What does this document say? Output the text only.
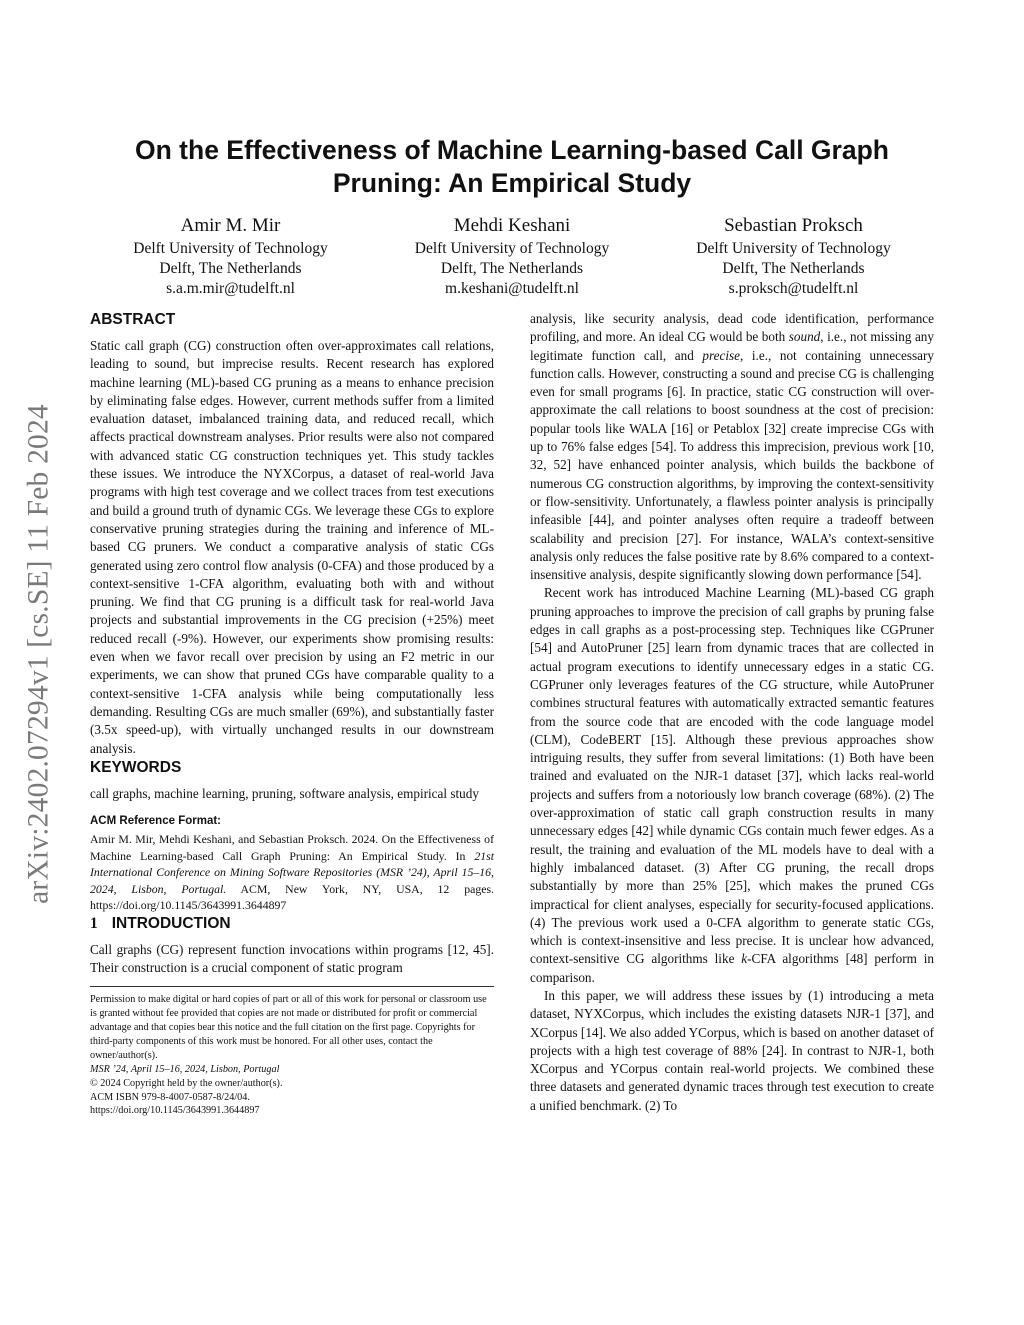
arXiv:2402.07294v1 [cs.SE] 11 Feb 2024
On the Effectiveness of Machine Learning-based Call Graph Pruning: An Empirical Study
Amir M. Mir
Delft University of Technology
Delft, The Netherlands
s.a.m.mir@tudelft.nl
Mehdi Keshani
Delft University of Technology
Delft, The Netherlands
m.keshani@tudelft.nl
Sebastian Proksch
Delft University of Technology
Delft, The Netherlands
s.proksch@tudelft.nl
ABSTRACT

Static call graph (CG) construction often over-approximates call relations, leading to sound, but imprecise results. Recent research has explored machine learning (ML)-based CG pruning as a means to enhance precision by eliminating false edges. However, current methods suffer from a limited evaluation dataset, imbalanced training data, and reduced recall, which affects practical downstream analyses. Prior results were also not compared with advanced static CG construction techniques yet. This study tackles these issues. We introduce the NYXCorpus, a dataset of real-world Java programs with high test coverage and we collect traces from test executions and build a ground truth of dynamic CGs. We leverage these CGs to explore conservative pruning strategies during the training and inference of ML-based CG pruners. We conduct a comparative analysis of static CGs generated using zero control flow analysis (0-CFA) and those produced by a context-sensitive 1-CFA algorithm, evaluating both with and without pruning. We find that CG pruning is a difficult task for real-world Java projects and substantial improvements in the CG precision (+25%) meet reduced recall (-9%). However, our experiments show promising results: even when we favor recall over precision by using an F2 metric in our experiments, we can show that pruned CGs have comparable quality to a context-sensitive 1-CFA analysis while being computationally less demanding. Resulting CGs are much smaller (69%), and substantially faster (3.5x speed-up), with virtually unchanged results in our downstream analysis.

KEYWORDS

call graphs, machine learning, pruning, software analysis, empirical study

ACM Reference Format:

Amir M. Mir, Mehdi Keshani, and Sebastian Proksch. 2024. On the Effectiveness of Machine Learning-based Call Graph Pruning: An Empirical Study. In 21st International Conference on Mining Software Repositories (MSR ’24), April 15–16, 2024, Lisbon, Portugal. ACM, New York, NY, USA, 12 pages. https://doi.org/10.1145/3643991.3644897

1 INTRODUCTION

Call graphs (CG) represent function invocations within programs [12, 45]. Their construction is a crucial component of static program

Permission to make digital or hard copies of part or all of this work for personal or classroom use is granted without fee provided that copies are not made or distributed for profit or commercial advantage and that copies bear this notice and the full citation on the first page. Copyrights for third-party components of this work must be honored. For all other uses, contact the owner/author(s).
MSR ’24, April 15–16, 2024, Lisbon, Portugal
© 2024 Copyright held by the owner/author(s).
ACM ISBN 979-8-4007-0587-8/24/04.
https://doi.org/10.1145/3643991.3644897

analysis, like security analysis, dead code identification, performance profiling, and more. An ideal CG would be both sound, i.e., not missing any legitimate function call, and precise, i.e., not containing unnecessary function calls. However, constructing a sound and precise CG is challenging even for small programs [6]. In practice, static CG construction will over-approximate the call relations to boost soundness at the cost of precision: popular tools like WALA [16] or Petablox [32] create imprecise CGs with up to 76% false edges [54]. To address this imprecision, previous work [10, 32, 52] have enhanced pointer analysis, which builds the backbone of numerous CG construction algorithms, by improving the context-sensitivity or flow-sensitivity. Unfortunately, a flawless pointer analysis is principally infeasible [44], and pointer analyses often require a tradeoff between scalability and precision [27]. For instance, WALA’s context-sensitive analysis only reduces the false positive rate by 8.6% compared to a context-insensitive analysis, despite significantly slowing down performance [54].

Recent work has introduced Machine Learning (ML)-based CG graph pruning approaches to improve the precision of call graphs by pruning false edges in call graphs as a post-processing step. Techniques like CGPruner [54] and AutoPruner [25] learn from dynamic traces that are collected in actual program executions to identify unnecessary edges in a static CG. CGPruner only leverages features of the CG structure, while AutoPruner combines structural features with automatically extracted semantic features from the source code that are encoded with the code language model (CLM), CodeBERT [15]. Although these previous approaches show intriguing results, they suffer from several limitations: (1) Both have been trained and evaluated on the NJR-1 dataset [37], which lacks real-world projects and suffers from a notoriously low branch coverage (68%). (2) The over-approximation of static call graph construction results in many unnecessary edges [42] while dynamic CGs contain much fewer edges. As a result, the training and evaluation of the ML models have to deal with a highly imbalanced dataset. (3) After CG pruning, the recall drops substantially by more than 25% [25], which makes the pruned CGs impractical for client analyses, especially for security-focused applications. (4) The previous work used a 0-CFA algorithm to generate static CGs, which is context-insensitive and less precise. It is unclear how advanced, context-sensitive CG algorithms like k-CFA algorithms [48] perform in comparison.

In this paper, we will address these issues by (1) introducing a meta dataset, NYXCorpus, which includes the existing datasets NJR-1 [37], and XCorpus [14]. We also added YCorpus, which is based on another dataset of projects with a high test coverage of 88% [24]. In contrast to NJR-1, both XCorpus and YCorpus contain real-world projects. We combined these three datasets and generated dynamic traces through test execution to create a unified benchmark. (2) To
